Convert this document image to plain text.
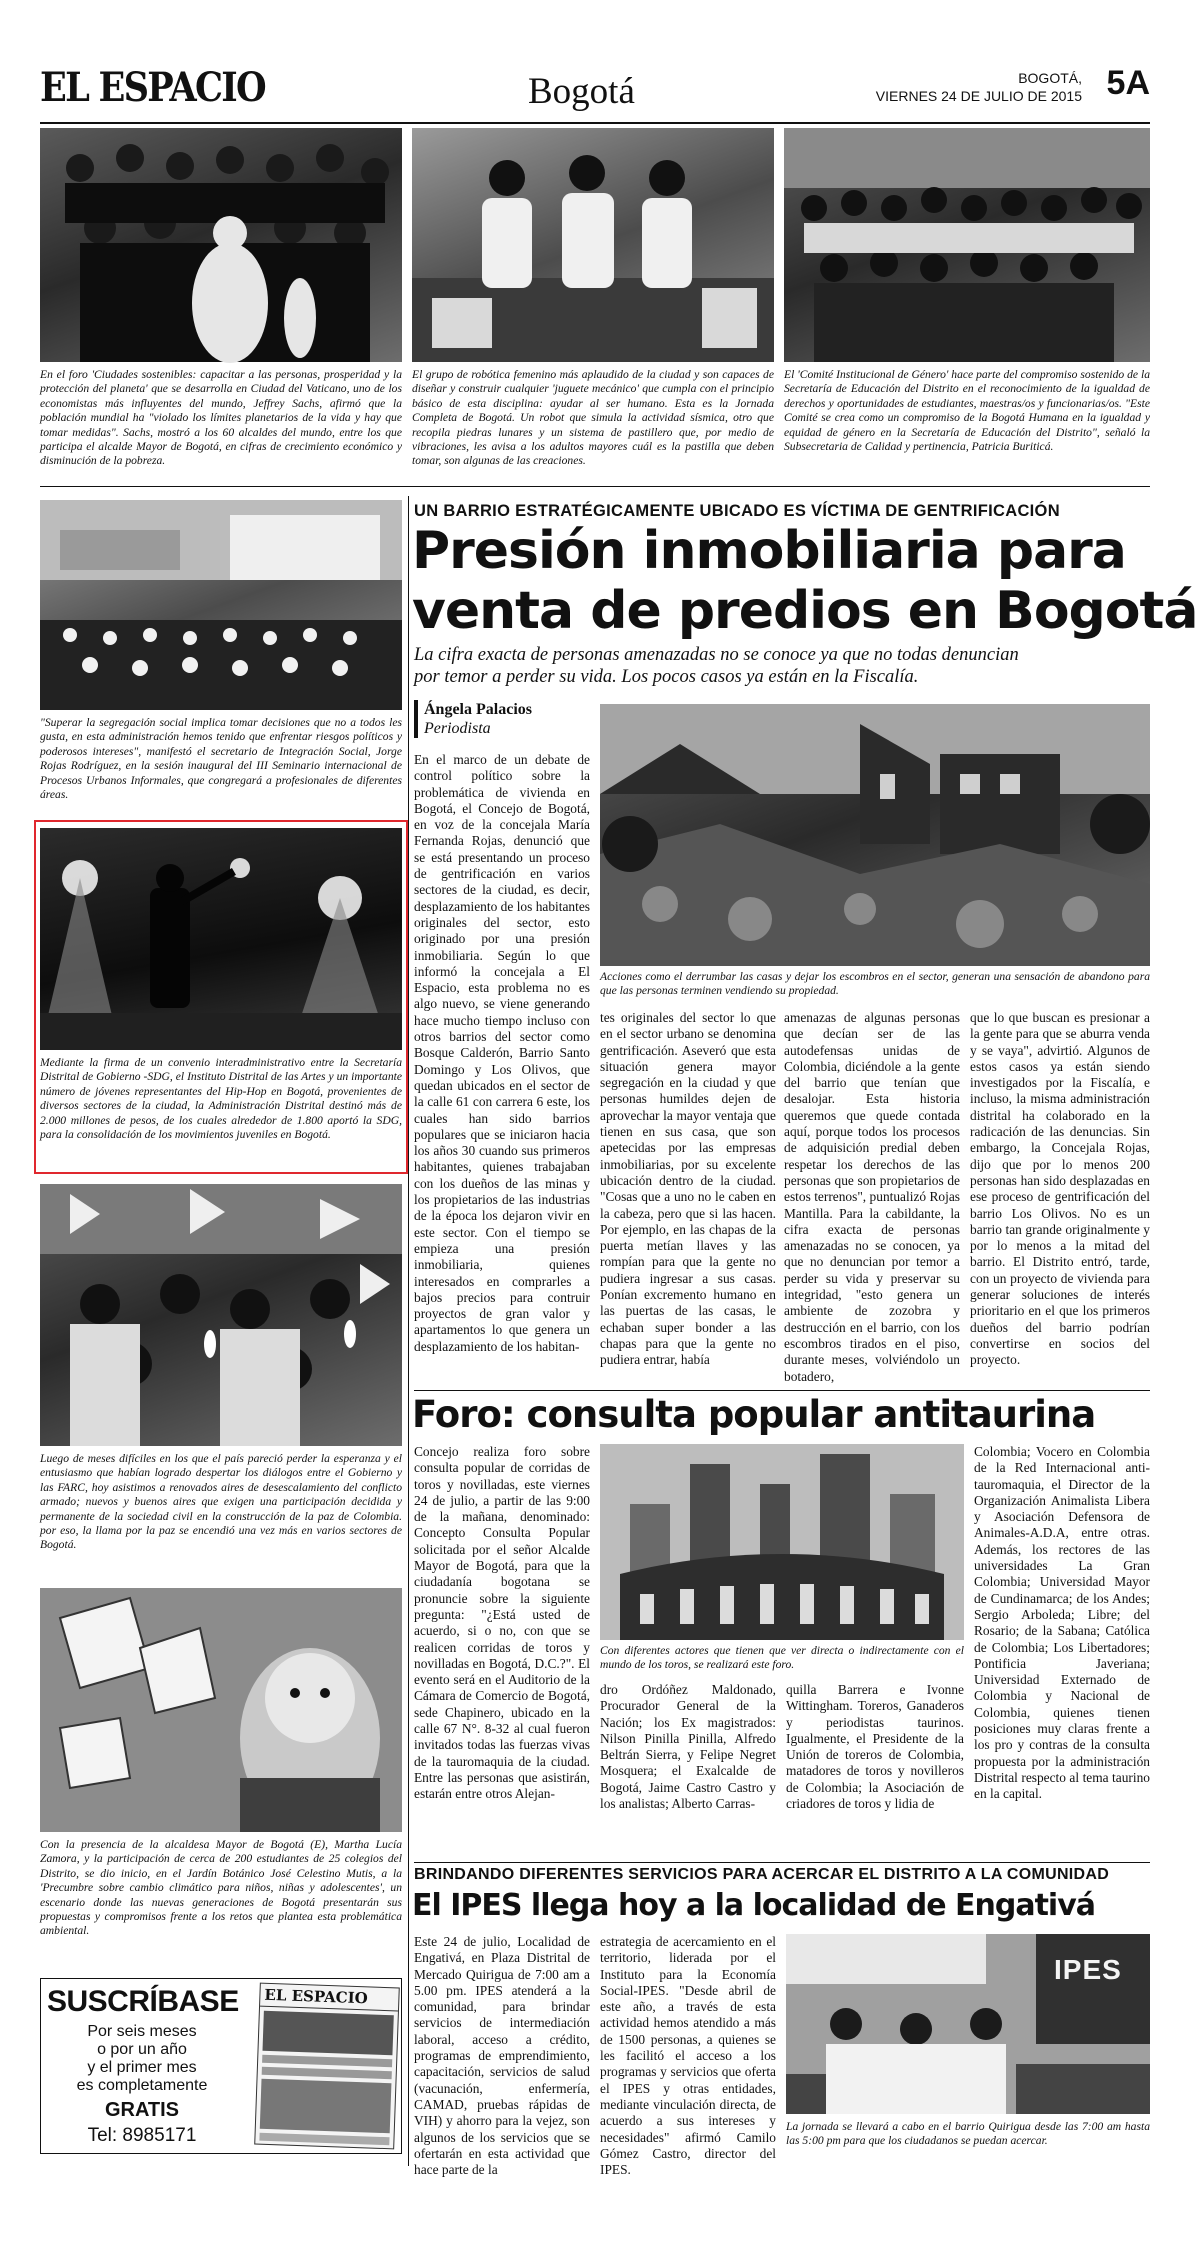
EL ESPACIO	Bogotá	BOGOTÁ,
VIERNES 24 DE JULIO DE 2015 5A
En el foro 'Ciudades sostenibles: capacitar a las personas, prosperidad y la protección del planeta' que se desarrolla en Ciudad del Vaticano, uno de los economistas más influyentes del mundo, Jeffrey Sachs, afirmó que la población mundial ha "violado los límites planetarios de la vida y hay que tomar medidas". Sachs, mostró a los 60 alcaldes del mundo, entre los que participa el alcalde Mayor de Bogotá, en cifras de crecimiento económico y disminución de la pobreza.
El grupo de robótica femenino más aplaudido de la ciudad y son capaces de diseñar y construir cualquier 'juguete mecánico' que cumpla con el principio básico de esta disciplina: ayudar al ser humano. Esta es la Jornada Completa de Bogotá. Un robot que simula la actividad sísmica, otro que recopila piedras lunares y un sistema de pastillero que, por medio de vibraciones, les avisa a los adultos mayores cuál es la pastilla que deben tomar, son algunas de las creaciones.
El 'Comité Institucional de Género' hace parte del compromiso sostenido de la Secretaría de Educación del Distrito en el reconocimiento de la igualdad de derechos y oportunidades de estudiantes, maestras/os y funcionarias/os. "Este Comité se crea como un compromiso de la Bogotá Humana en la igualdad y equidad de género en la Secretaría de Educación del Distrito", señaló la Subsecretaria de Calidad y pertinencia, Patricia Buriticá.
"Superar la segregación social implica tomar decisiones que no a todos les gusta, en esta administración hemos tenido que enfrentar riesgos políticos y poderosos intereses", manifestó el secretario de Integración Social, Jorge Rojas Rodríguez, en la sesión inaugural del III Seminario internacional de Procesos Urbanos Informales, que congregará a profesionales de diferentes áreas.
Mediante la firma de un convenio interadministrativo entre la Secretaría Distrital de Gobierno -SDG, el Instituto Distrital de las Artes y un importante número de jóvenes representantes del Hip-Hop en Bogotá, provenientes de diversos sectores de la ciudad, la Administración Distrital destinó más de 2.000 millones de pesos, de los cuales alrededor de 1.800 aportó la SDG, para la consolidación de los movimientos juveniles en Bogotá.
Luego de meses difíciles en los que el país pareció perder la esperanza y el entusiasmo que habían logrado despertar los diálogos entre el Gobierno y las FARC, hoy asistimos a renovados aires de desescalamiento del conflicto armado; nuevos y buenos aires que exigen una participación decidida y permanente de la sociedad civil en la construcción de la paz de Colombia. por eso, la llama por la paz se encendió una vez más en varios sectores de Bogotá.
Con la presencia de la alcaldesa Mayor de Bogotá (E), Martha Lucía Zamora, y la participación de cerca de 200 estudiantes de 25 colegios del Distrito, se dio inicio, en el Jardín Botánico José Celestino Mutis, a la 'Precumbre sobre cambio climático para niños, niñas y adolescentes', un escenario donde las nuevas generaciones de Bogotá presentarán sus propuestas y compromisos frente a los retos que plantea esta problemática ambiental.
SUSCRÍBASE
Por seis meses
o por un año
y el primer mes
es completamente
GRATIS
Tel: 8985171
EL ESPACIO
UN BARRIO ESTRATÉGICAMENTE UBICADO ES VÍCTIMA DE GENTRIFICACIÓN
Presión inmobiliaria para
venta de predios en Bogotá
La cifra exacta de personas amenazadas no se conoce ya que no todas denuncian
por temor a perder su vida. Los pocos casos ya están en la Fiscalía.
Ángela Palacios
Periodista
Acciones como el derrumbar las casas y dejar los escombros en el sector, generan una sensación de abandono para que las personas terminen vendiendo su propiedad.
En el marco de un debate de control político sobre la problemática de vivienda en Bogotá, el Concejo de Bogotá, en voz de la concejala María Fernanda Rojas, denunció que se está presentando un proceso de gentrificación en varios sectores de la ciudad, es decir, desplazamiento de los habitantes originales del sector, esto originado por una presión inmobiliaria. Según lo que informó la concejala a El Espacio, esta problema no es algo nuevo, se viene generando hace mucho tiempo incluso con otros barrios del sector como Bosque Calderón, Barrio Santo Domingo y Los Olivos, que quedan ubicados en el sector de la calle 61 con carrera 6 este, los cuales han sido barrios populares que se iniciaron hacia los años 30 cuando sus primeros habitantes, quienes trabajaban con los dueños de las minas y los propietarios de las industrias de la época los dejaron vivir en este sector. Con el tiempo se empieza una presión inmobiliaria, quienes interesados en comprarles a bajos precios para contruir proyectos de gran valor y apartamentos lo que genera un desplazamiento de los habitan-
tes originales del sector lo que en el sector urbano se denomina gentrificación. Aseveró que esta situación genera mayor segregación en la ciudad y que personas humildes dejen de aprovechar la mayor ventaja que tienen en sus casa, que son apetecidas por las empresas inmobiliarias, por su excelente ubicación dentro de la ciudad. "Cosas que a uno no le caben en la cabeza, pero que si las hacen. Por ejemplo, en las chapas de la puerta metían llaves y las rompían para que la gente no pudiera ingresar a sus casas. Ponían excremento humano en las puertas de las casas, le echaban super bonder a las chapas para que la gente no pudiera entrar, había
amenazas de algunas personas que decían ser de las autodefensas unidas de Colombia, diciéndole a la gente del barrio que tenían que desalojar. Esta historia queremos que quede contada aquí, porque todos los procesos de adquisición predial deben respetar los derechos de las personas que son propietarios de estos terrenos", puntualizó Rojas Mantilla. Para la cabildante, la cifra exacta de personas amenazadas no se conocen, ya que no denuncian por temor a perder su vida y preservar su integridad, "esto genera un ambiente de zozobra y destrucción en el barrio, con los escombros tirados en el piso, durante meses, volviéndolo un botadero,
que lo que buscan es presionar a la gente para que se aburra venda y se vaya", advirtió. Algunos de estos casos ya están siendo investigados por la Fiscalía, e incluso, la misma administración distrital ha colaborado en la radicación de las denuncias. Sin embargo, la Concejala Rojas, dijo que por lo menos 200 personas han sido desplazadas en ese proceso de gentrificación del barrio Los Olivos. No es un barrio tan grande originalmente y por lo menos a la mitad del barrio. El Distrito entró, tarde, con un proyecto de vivienda para generar soluciones de interés prioritario en el que los primeros dueños del barrio podrían convertirse en socios del proyecto.
Foro: consulta popular antitaurina
Concejo realiza foro sobre consulta popular de corridas de toros y novilladas, este viernes 24 de julio, a partir de las 9:00 de la mañana, denominado: Concepto Consulta Popular solicitada por el señor Alcalde Mayor de Bogotá, para que la ciudadanía bogotana se pronuncie sobre la siguiente pregunta: "¿Está usted de acuerdo, si o no, con que se realicen corridas de toros y novilladas en Bogotá, D.C.?". El evento será en el Auditorio de la Cámara de Comercio de Bogotá, sede Chapinero, ubicado en la calle 67 N°. 8-32 al cual fueron invitados todas las fuerzas vivas de la tauromaquia de la ciudad. Entre las personas que asistirán, estarán entre otros Alejan-
Con diferentes actores que tienen que ver directa o indirectamente con el mundo de los toros, se realizará este foro.
dro Ordóñez Maldonado, Procurador General de la Nación; los Ex magistrados: Nilson Pinilla Pinilla, Alfredo Beltrán Sierra, y Felipe Negret Mosquera; el Exalcalde de Bogotá, Jaime Castro Castro y los analistas; Alberto Carras-
quilla Barrera e Ivonne Wittingham. Toreros, Ganaderos y periodistas taurinos. Igualmente, el Presidente de la Unión de toreros de Colombia, matadores de toros y novilleros de Colombia; la Asociación de criadores de toros y lidia de
Colombia; Vocero en Colombia de la Red Internacional anti-tauromaquia, el Director de la Organización Animalista Libera y Asociación Defensora de Animales-A.D.A, entre otras. Además, los rectores de las universidades La Gran Colombia; Universidad Mayor de Cundinamarca; de los Andes; Sergio Arboleda; Libre; del Rosario; de la Sabana; Católica de Colombia; Los Libertadores; Pontificia Javeriana; Universidad Externado de Colombia y Nacional de Colombia, quienes tienen posiciones muy claras frente a los pro y contras de la consulta propuesta por la administración Distrital respecto al tema taurino en la capital.
BRINDANDO DIFERENTES SERVICIOS PARA ACERCAR EL DISTRITO A LA COMUNIDAD
El IPES llega hoy a la localidad de Engativá
Este 24 de julio, Localidad de Engativá, en Plaza Distrital de Mercado Quirigua de 7:00 am a 5.00 pm. IPES atenderá a la comunidad, para brindar servicios de intermediación laboral, acceso a crédito, programas de emprendimiento, capacitación, servicios de salud (vacunación, enfermería, CAMAD, pruebas rápidas de VIH) y ahorro para la vejez, son algunos de los servicios que se ofertarán en esta actividad que hace parte de la
estrategia de acercamiento en el territorio, liderada por el Instituto para la Economía Social-IPES. "Desde abril de este año, a través de esta actividad hemos atendido a más de 1500 personas, a quienes se les facilitó el acceso a los programas y servicios que oferta el IPES y otras entidades, mediante vinculación directa, de acuerdo a sus intereses y necesidades" afirmó Camilo Gómez Castro, director del IPES.
IPES
La jornada se llevará a cabo en el barrio Quirigua desde las 7:00 am hasta las 5:00 pm para que los ciudadanos se puedan acercar.
